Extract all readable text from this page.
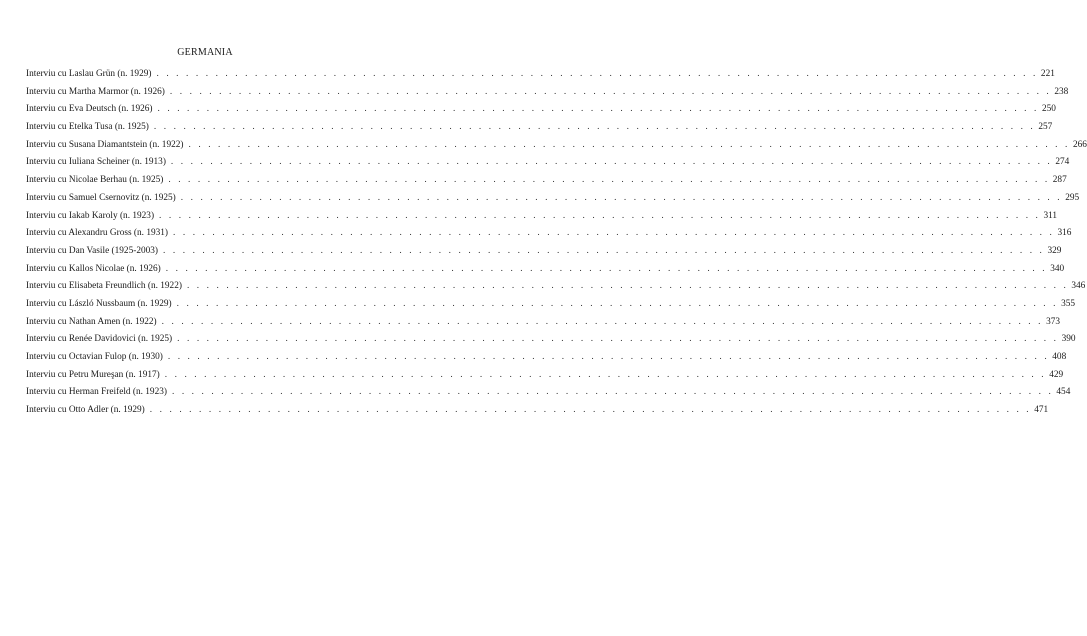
GERMANIA
Interviu cu Laslau Grün (n. 1929) . . . . . . . . . . . . . . . . . . . . . . . . . . . . . . . . . . . . . . . . . . . . . . . . . . . . . . . . . . . . . . . . . . . . . . . . . . . . . . . . . . . . . . . . . . 221
Interviu cu Martha Marmor (n. 1926) . . . . . . . . . . . . . . . . . . . . . . . . . . . . . . . . . . . . . . . . . . . . . . . . . . . . . . . . . . . . . . . . . . . . . . . . . . . . . . . . . . . . . . . . . . 238
Interviu cu Eva Deutsch (n. 1926) . . . . . . . . . . . . . . . . . . . . . . . . . . . . . . . . . . . . . . . . . . . . . . . . . . . . . . . . . . . . . . . . . . . . . . . . . . . . . . . . . . . . . . . . . . 250
Interviu cu Etelka Tusa (n. 1925) . . . . . . . . . . . . . . . . . . . . . . . . . . . . . . . . . . . . . . . . . . . . . . . . . . . . . . . . . . . . . . . . . . . . . . . . . . . . . . . . . . . . . . . . . . 257
Interviu cu Susana Diamantstein (n. 1922) . . . . . . . . . . . . . . . . . . . . . . . . . . . . . . . . . . . . . . . . . . . . . . . . . . . . . . . . . . . . . . . . . . . . . . . . . . . . . . . . . . . . . . . . . . 266
Interviu cu Iuliana Scheiner (n. 1913) . . . . . . . . . . . . . . . . . . . . . . . . . . . . . . . . . . . . . . . . . . . . . . . . . . . . . . . . . . . . . . . . . . . . . . . . . . . . . . . . . . . . . . . . . . 274
Interviu cu Nicolae Berhau (n. 1925) . . . . . . . . . . . . . . . . . . . . . . . . . . . . . . . . . . . . . . . . . . . . . . . . . . . . . . . . . . . . . . . . . . . . . . . . . . . . . . . . . . . . . . . . . . 287
Interviu cu Samuel Csernovitz (n. 1925) . . . . . . . . . . . . . . . . . . . . . . . . . . . . . . . . . . . . . . . . . . . . . . . . . . . . . . . . . . . . . . . . . . . . . . . . . . . . . . . . . . . . . . . . . . 295
Interviu cu Iakab Karoly (n. 1923) . . . . . . . . . . . . . . . . . . . . . . . . . . . . . . . . . . . . . . . . . . . . . . . . . . . . . . . . . . . . . . . . . . . . . . . . . . . . . . . . . . . . . . . . . . 311
Interviu cu Alexandru Gross (n. 1931) . . . . . . . . . . . . . . . . . . . . . . . . . . . . . . . . . . . . . . . . . . . . . . . . . . . . . . . . . . . . . . . . . . . . . . . . . . . . . . . . . . . . . . . . . . 316
Interviu cu Dan Vasile (1925-2003) . . . . . . . . . . . . . . . . . . . . . . . . . . . . . . . . . . . . . . . . . . . . . . . . . . . . . . . . . . . . . . . . . . . . . . . . . . . . . . . . . . . . . . . . . . 329
Interviu cu Kallos Nicolae (n. 1926) . . . . . . . . . . . . . . . . . . . . . . . . . . . . . . . . . . . . . . . . . . . . . . . . . . . . . . . . . . . . . . . . . . . . . . . . . . . . . . . . . . . . . . . . . . 340
Interviu cu Elisabeta Freundlich (n. 1922) . . . . . . . . . . . . . . . . . . . . . . . . . . . . . . . . . . . . . . . . . . . . . . . . . . . . . . . . . . . . . . . . . . . . . . . . . . . . . . . . . . . . . . . . . . 346
Interviu cu László Nussbaum (n. 1929) . . . . . . . . . . . . . . . . . . . . . . . . . . . . . . . . . . . . . . . . . . . . . . . . . . . . . . . . . . . . . . . . . . . . . . . . . . . . . . . . . . . . . . . . . . 355
Interviu cu Nathan Amen (n. 1922) . . . . . . . . . . . . . . . . . . . . . . . . . . . . . . . . . . . . . . . . . . . . . . . . . . . . . . . . . . . . . . . . . . . . . . . . . . . . . . . . . . . . . . . . . . 373
Interviu cu Renée Davidovici (n. 1925) . . . . . . . . . . . . . . . . . . . . . . . . . . . . . . . . . . . . . . . . . . . . . . . . . . . . . . . . . . . . . . . . . . . . . . . . . . . . . . . . . . . . . . . . . . 390
Interviu cu Octavian Fulop (n. 1930) . . . . . . . . . . . . . . . . . . . . . . . . . . . . . . . . . . . . . . . . . . . . . . . . . . . . . . . . . . . . . . . . . . . . . . . . . . . . . . . . . . . . . . . . . . 408
Interviu cu Petru Mureşan (n. 1917) . . . . . . . . . . . . . . . . . . . . . . . . . . . . . . . . . . . . . . . . . . . . . . . . . . . . . . . . . . . . . . . . . . . . . . . . . . . . . . . . . . . . . . . . . . 429
Interviu cu Herman Freifeld (n. 1923) . . . . . . . . . . . . . . . . . . . . . . . . . . . . . . . . . . . . . . . . . . . . . . . . . . . . . . . . . . . . . . . . . . . . . . . . . . . . . . . . . . . . . . . . . . 454
Interviu cu Otto Adler (n. 1929) . . . . . . . . . . . . . . . . . . . . . . . . . . . . . . . . . . . . . . . . . . . . . . . . . . . . . . . . . . . . . . . . . . . . . . . . . . . . . . . . . . . . . . . . . . 471
